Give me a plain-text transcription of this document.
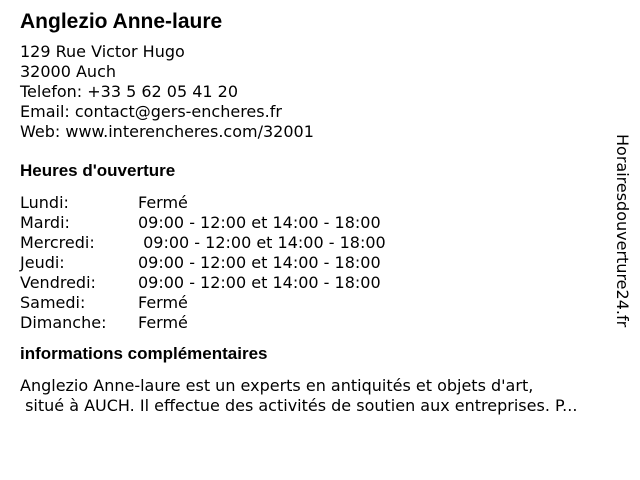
Anglezio Anne-laure
129 Rue Victor Hugo
32000 Auch
Telefon: +33 5 62 05 41 20
Email: contact@gers-encheres.fr
Web: www.interencheres.com/32001
Heures d'ouverture
Lundi:	Fermé
Mardi:	09:00 - 12:00 et 14:00 - 18:00
Mercredi:	09:00 - 12:00 et 14:00 - 18:00
Jeudi:	09:00 - 12:00 et 14:00 - 18:00
Vendredi:	09:00 - 12:00 et 14:00 - 18:00
Samedi:	Fermé
Dimanche: Fermé
informations complémentaires
Anglezio Anne-laure est un experts en antiquités et objets d'art,
situé à AUCH. Il effectue des activités de soutien aux entreprises. P...
Horairesdouverture24.fr
